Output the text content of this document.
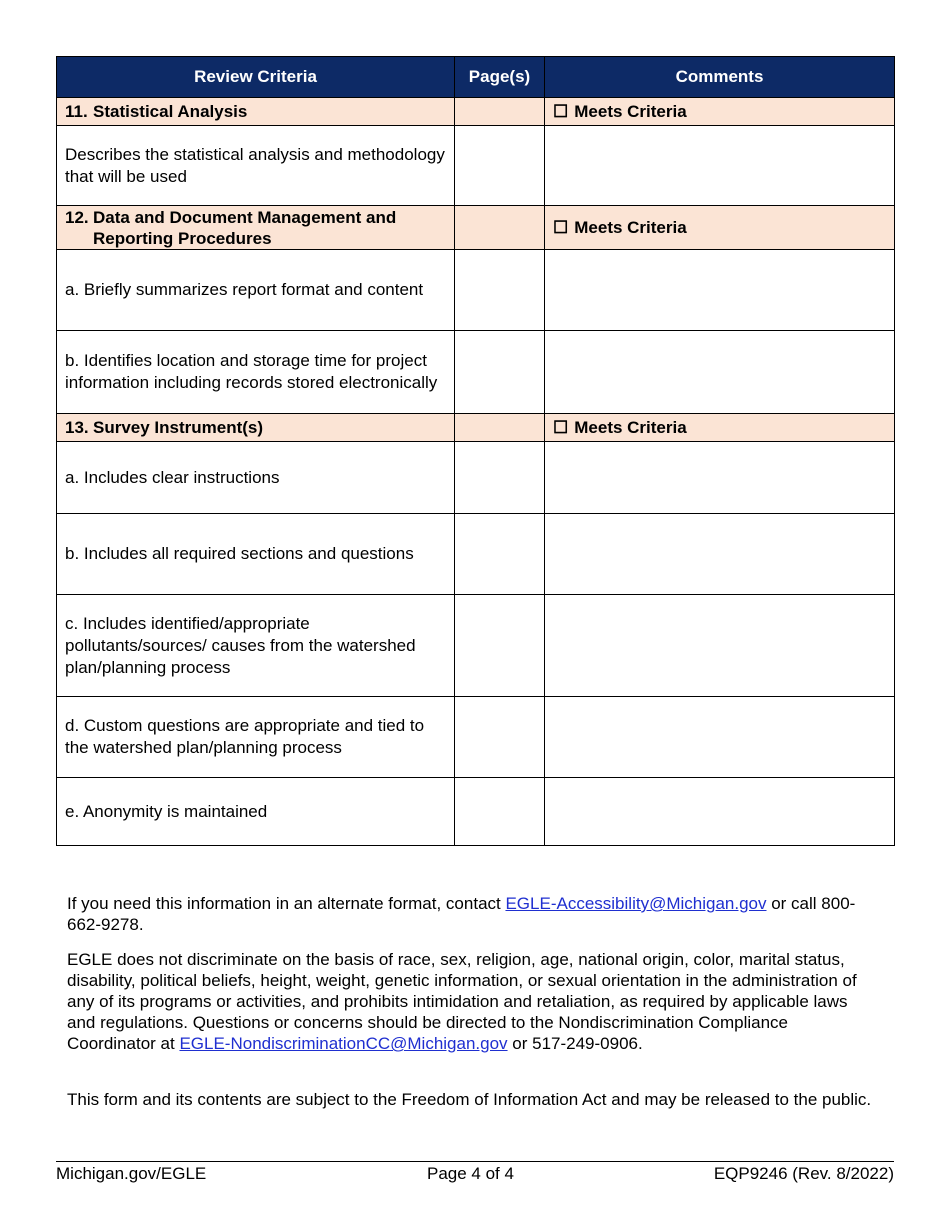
Review Criteria	Page(s)	Comments
11. Statistical Analysis		☐ Meets Criteria
Describes the statistical analysis and methodology that will be used		
12. Data and Document Management and Reporting Procedures		☐ Meets Criteria
a. Briefly summarizes report format and content		
b. Identifies location and storage time for project information including records stored electronically		
13. Survey Instrument(s)		☐ Meets Criteria
a. Includes clear instructions		
b. Includes all required sections and questions		
c. Includes identified/appropriate pollutants/sources/ causes from the watershed plan/planning process		
d. Custom questions are appropriate and tied to the watershed plan/planning process		
e. Anonymity is maintained		

If you need this information in an alternate format, contact EGLE-Accessibility@Michigan.gov or call 800-662-9278.

EGLE does not discriminate on the basis of race, sex, religion, age, national origin, color, marital status, disability, political beliefs, height, weight, genetic information, or sexual orientation in the administration of any of its programs or activities, and prohibits intimidation and retaliation, as required by applicable laws and regulations. Questions or concerns should be directed to the Nondiscrimination Compliance Coordinator at EGLE-NondiscriminationCC@Michigan.gov or 517-249-0906.

This form and its contents are subject to the Freedom of Information Act and may be released to the public.

Michigan.gov/EGLE	Page 4 of 4	EQP9246 (Rev. 8/2022)
